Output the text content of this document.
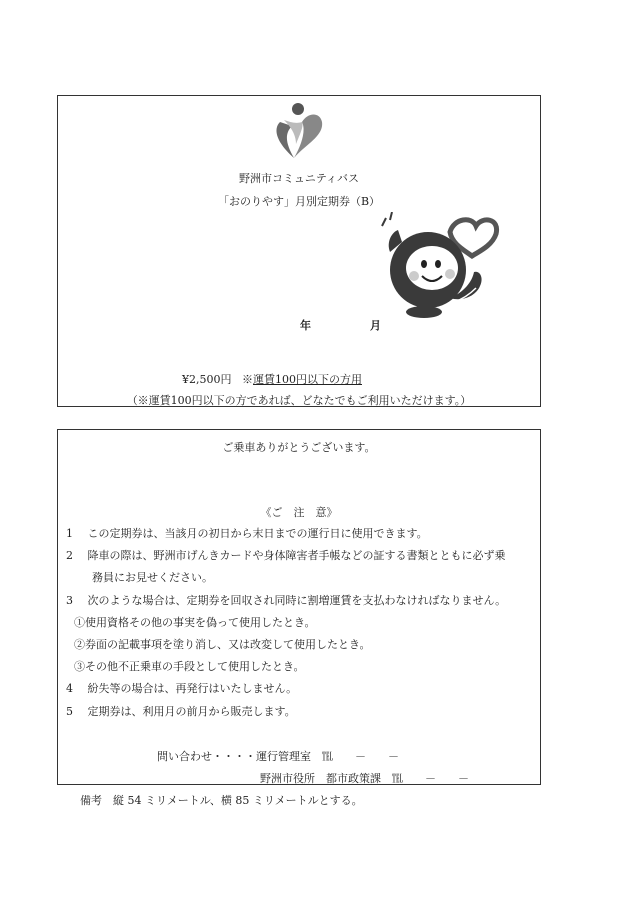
野洲市コミュニティバス
「おのりやす」月別定期券（B）
年	月
¥2,500円 ※運賃100円以下の方用
（※運賃100円以下の方であれば、どなたでもご利用いただけます。）
ご乗車ありがとうございます。
《ご　注　意》
1　 この定期券は、当該月の初日から末日までの運行日に使用できます。
2　 降車の際は、野洲市げんきカードや身体障害者手帳などの証する書類とともに必ず乗
務員にお見せください。
3　 次のような場合は、定期券を回収され同時に割増運賃を支払わなければなりません。
①使用資格その他の事実を偽って使用したとき。
②券面の記載事項を塗り消し、又は改変して使用したとき。
③その他不正乗車の手段として使用したとき。
4　 紛失等の場合は、再発行はいたしません。
5　 定期券は、利用月の前月から販売します。
問い合わせ・・・・運行管理室　℡　　－　　－
野洲市役所　都市政策課　℡　　－　　－
備考　縦 54 ミリメートル、横 85 ミリメートルとする。
